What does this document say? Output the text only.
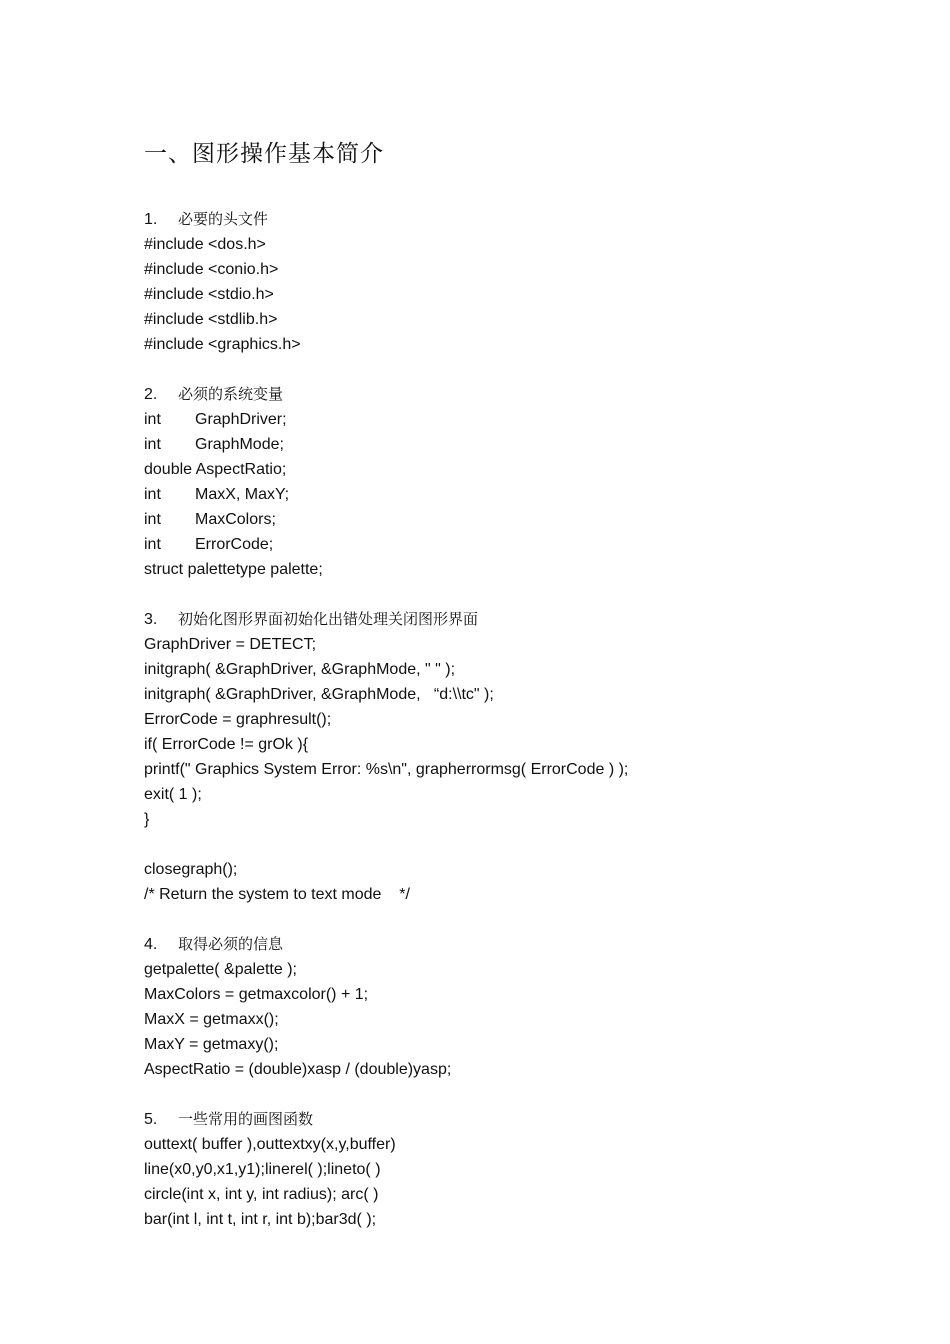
一、图形操作基本简介
1. 必要的头文件
#include <dos.h>
#include <conio.h>
#include <stdio.h>
#include <stdlib.h>
#include <graphics.h>
2. 必须的系统变量
int GraphDriver;
int GraphMode;
double AspectRatio;
int MaxX, MaxY;
int MaxColors;
int ErrorCode;
struct palettetype palette;
3. 初始化图形界面初始化出错处理关闭图形界面
GraphDriver = DETECT;
initgraph( &GraphDriver, &GraphMode, " " );
initgraph( &GraphDriver, &GraphMode,   “d:\\tc" );
ErrorCode = graphresult();
if( ErrorCode != grOk ){
printf(" Graphics System Error: %s\n", grapherrormsg( ErrorCode ) );
exit( 1 );
}
closegraph();
/* Return the system to text mode    */
4. 取得必须的信息
getpalette( &palette );
MaxColors = getmaxcolor() + 1;
MaxX = getmaxx();
MaxY = getmaxy();
AspectRatio = (double)xasp / (double)yasp;
5. 一些常用的画图函数
outtext( buffer ),outtextxy(x,y,buffer)
line(x0,y0,x1,y1);linerel( );lineto( )
circle(int x, int y, int radius); arc( )
bar(int l, int t, int r, int b);bar3d( );
